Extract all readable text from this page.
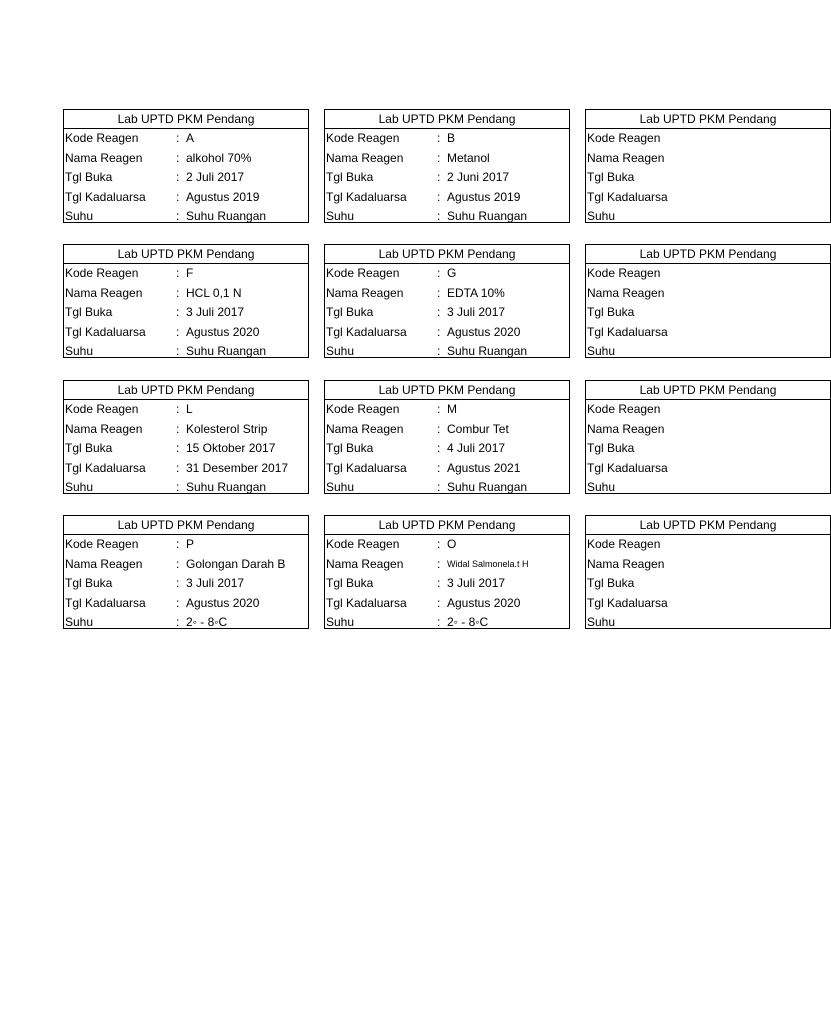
Lab UPTD PKM Pendang
Kode Reagen	: A
Nama Reagen	: alkohol 70%
Tgl Buka	: 2 Juli 2017
Tgl Kadaluarsa	: Agustus 2019
Suhu	: Suhu Ruangan
Lab UPTD PKM Pendang
Kode Reagen	: B
Nama Reagen	: Metanol
Tgl Buka	: 2 Juni 2017
Tgl Kadaluarsa	: Agustus 2019
Suhu	: Suhu Ruangan
Lab UPTD PKM Pendang
Kode Reagen
Nama Reagen
Tgl Buka
Tgl Kadaluarsa
Suhu
Lab UPTD PKM Pendang
Kode Reagen	: F
Nama Reagen	: HCL 0,1 N
Tgl Buka	: 3 Juli 2017
Tgl Kadaluarsa	: Agustus 2020
Suhu	: Suhu Ruangan
Lab UPTD PKM Pendang
Kode Reagen	: G
Nama Reagen	: EDTA 10%
Tgl Buka	: 3 Juli 2017
Tgl Kadaluarsa	: Agustus 2020
Suhu	: Suhu Ruangan
Lab UPTD PKM Pendang
Kode Reagen
Nama Reagen
Tgl Buka
Tgl Kadaluarsa
Suhu
Lab UPTD PKM Pendang
Kode Reagen	: L
Nama Reagen	: Kolesterol Strip
Tgl Buka	: 15 Oktober 2017
Tgl Kadaluarsa	: 31 Desember 2017
Suhu	: Suhu Ruangan
Lab UPTD PKM Pendang
Kode Reagen	: M
Nama Reagen	: Combur Tet
Tgl Buka	: 4 Juli 2017
Tgl Kadaluarsa	: Agustus 2021
Suhu	: Suhu Ruangan
Lab UPTD PKM Pendang
Kode Reagen
Nama Reagen
Tgl Buka
Tgl Kadaluarsa
Suhu
Lab UPTD PKM Pendang
Kode Reagen	: P
Nama Reagen	: Golongan Darah B
Tgl Buka	: 3 Juli 2017
Tgl Kadaluarsa	: Agustus 2020
Suhu	: 2◦ - 8◦C
Lab UPTD PKM Pendang
Kode Reagen	: O
Nama Reagen	: Widal Salmonela.t H
Tgl Buka	: 3 Juli 2017
Tgl Kadaluarsa	: Agustus 2020
Suhu	: 2◦ - 8◦C
Lab UPTD PKM Pendang
Kode Reagen
Nama Reagen
Tgl Buka
Tgl Kadaluarsa
Suhu
